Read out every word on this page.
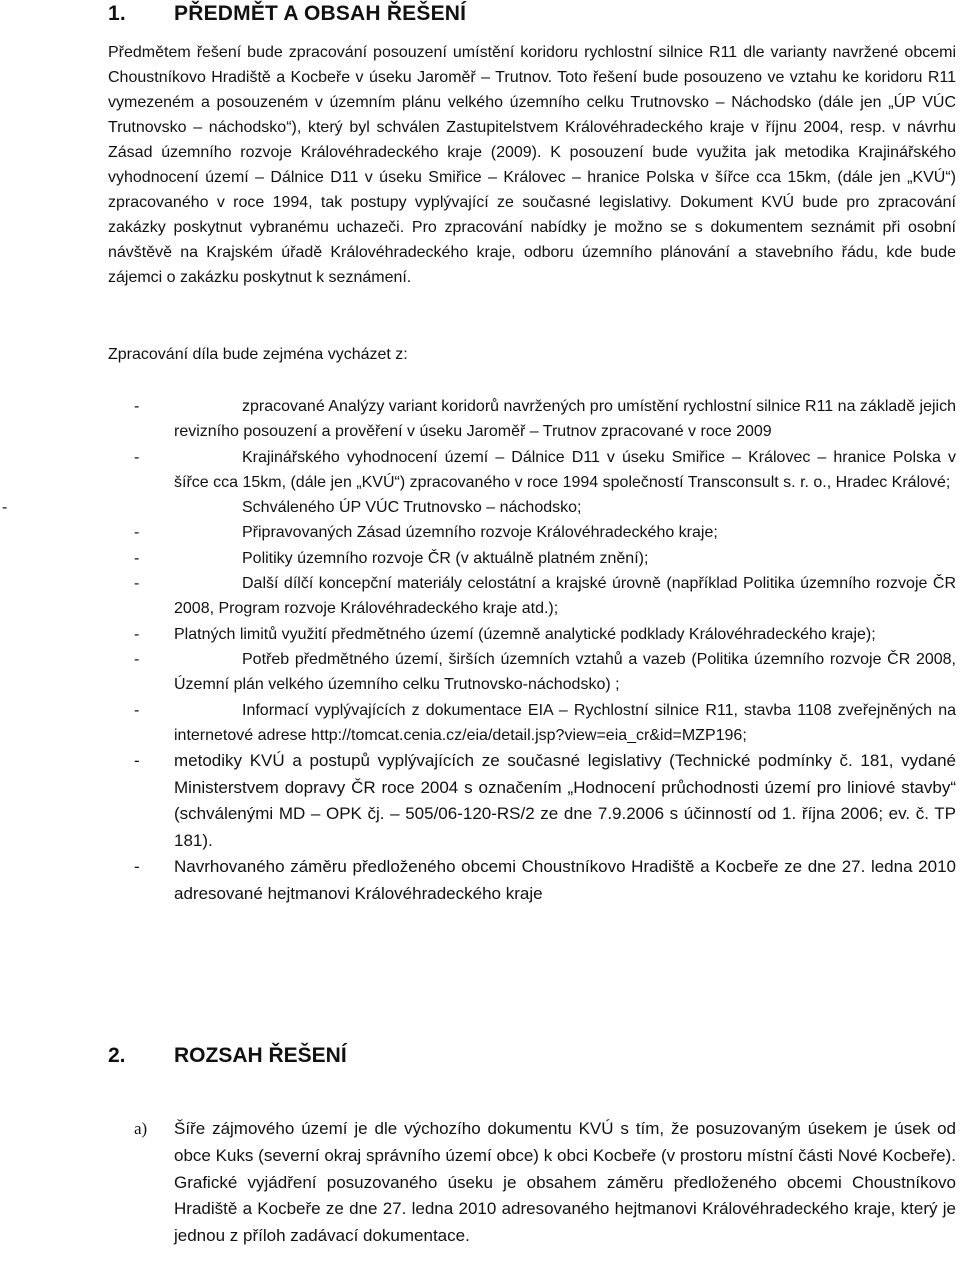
1. PŘEDMĚT A OBSAH ŘEŠENÍ
Předmětem řešení bude zpracování posouzení umístění koridoru rychlostní silnice R11 dle varianty navržené obcemi Choustníkovo Hradiště a Kocbeře v úseku Jaroměř – Trutnov. Toto řešení bude posouzeno ve vztahu ke koridoru R11 vymezeném a posouzeném v územním plánu velkého územního celku Trutnovsko – Náchodsko (dále jen „ÚP VÚC Trutnovsko – náchodsko“), který byl schválen Zastupitelstvem Královéhradeckého kraje v říjnu 2004, resp. v návrhu Zásad územního rozvoje Královéhradeckého kraje (2009). K posouzení bude využita jak metodika Krajinářského vyhodnocení území – Dálnice D11 v úseku Smiřice – Královec – hranice Polska v šířce cca 15km, (dále jen „KVÚ“) zpracovaného v roce 1994, tak postupy vyplývající ze současné legislativy. Dokument KVÚ bude pro zpracování zakázky poskytnut vybranému uchazeči. Pro zpracování nabídky je možno se s dokumentem seznámit při osobní návštěvě na Krajském úřadě Královéhradeckého kraje, odboru územního plánování a stavebního řádu, kde bude zájemci o zakázku poskytnut k seznámení.
Zpracování díla bude zejména vycházet z:
-	zpracované Analýzy variant koridorů navržených pro umístění rychlostní silnice R11 na základě jejich revizního posouzení a prověření v úseku Jaroměř – Trutnov zpracované v roce 2009
-	Krajinářského vyhodnocení území – Dálnice D11 v úseku Smiřice – Královec – hranice Polska v šířce cca 15km, (dále jen „KVÚ“) zpracovaného v roce 1994 společností Transconsult s. r. o., Hradec Králové;
-	Schváleného ÚP VÚC Trutnovsko – náchodsko;
-	Připravovaných Zásad územního rozvoje Královéhradeckého kraje;
-	Politiky územního rozvoje ČR (v aktuálně platném znění);
-	Další dílčí koncepční materiály celostátní a krajské úrovně (například Politika územního rozvoje ČR 2008, Program rozvoje Královéhradeckého kraje atd.);
- Platných limitů využití předmětného území (územně analytické podklady Královéhradeckého kraje);
-	Potřeb předmětného území, širších územních vztahů a vazeb (Politika územního rozvoje ČR 2008, Územní plán velkého územního celku Trutnovsko-náchodsko) ;
-	Informací vyplývajících z dokumentace EIA – Rychlostní silnice R11, stavba 1108 zveřejněných na internetové adrese http://tomcat.cenia.cz/eia/detail.jsp?view=eia_cr&id=MZP196;
- metodiky KVÚ a postupů vyplývajících ze současné legislativy (Technické podmínky č. 181, vydané Ministerstvem dopravy ČR roce 2004 s označením „Hodnocení průchodnosti území pro liniové stavby“ (schválenými MD – OPK čj. – 505/06-120-RS/2 ze dne 7.9.2006 s účinností od 1. října 2006; ev. č. TP 181).
- Navrhovaného záměru předloženého obcemi Choustníkovo Hradiště a Kocbeře ze dne 27. ledna 2010 adresované hejtmanovi Královéhradeckého kraje
2. ROZSAH ŘEŠENÍ
a) Šíře zájmového území je dle výchozího dokumentu KVÚ s tím, že posuzovaným úsekem je úsek od obce Kuks (severní okraj správního území obce) k obci Kocbeře (v prostoru místní části Nové Kocbeře). Grafické vyjádření posuzovaného úseku je obsahem záměru předloženého obcemi Choustníkovo Hradiště a Kocbeře ze dne 27. ledna 2010 adresovaného hejtmanovi Královéhradeckého kraje, který je jednou z příloh zadávací dokumentace.
